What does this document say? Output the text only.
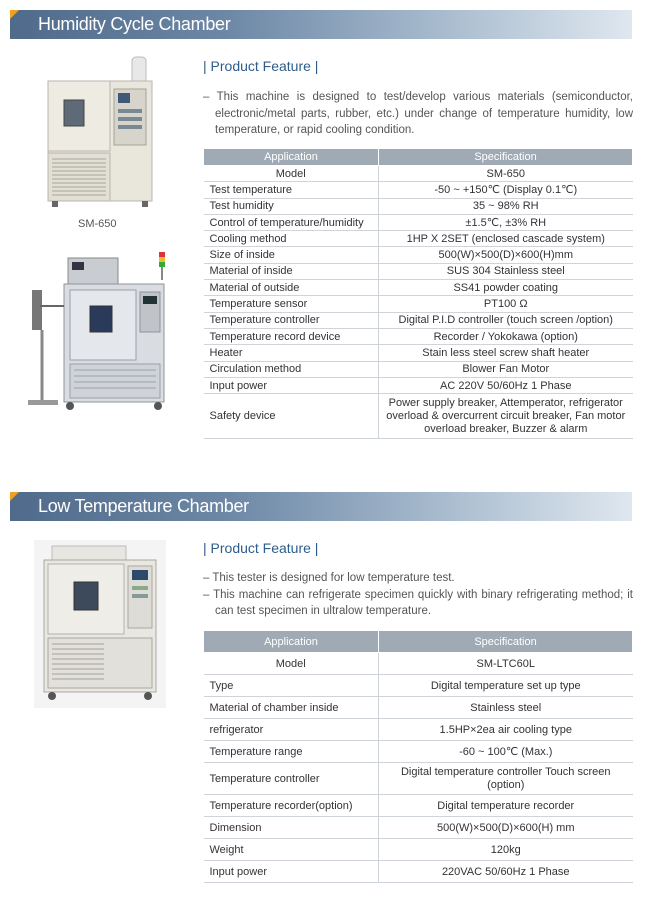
Humidity Cycle Chamber
SM-650
| Product Feature |

– This machine is designed to test/develop various materials (semiconductor, electronic/metal parts, rubber, etc.) under change of temperature humidity, low temperature, or rapid cooling condition.

Application	Specification
Model	SM-650
Test temperature	-50 ~ +150℃ (Display 0.1℃)
Test humidity	35 ~ 98% RH
Control of temperature/humidity	±1.5℃, ±3% RH
Cooling method	1HP X 2SET (enclosed cascade system)
Size of inside	500(W)×500(D)×600(H)mm
Material of inside	SUS 304 Stainless steel
Material of outside	SS41 powder coating
Temperature sensor	PT100 Ω
Temperature controller	Digital P.I.D controller (touch screen /option)
Temperature record device	Recorder / Yokokawa (option)
Heater	Stain less steel screw shaft heater
Circulation method	Blower Fan Motor
Input power	AC 220V 50/60Hz 1 Phase
Safety device	Power supply breaker, Attemperator, refrigerator overload & overcurrent circuit breaker, Fan motor overload breaker, Buzzer & alarm
Low Temperature Chamber
| Product Feature |

– This tester is designed for low temperature test.

– This machine can refrigerate specimen quickly with binary refrigerating method; it can test specimen in ultralow temperature.

Application	Specification
Model	SM-LTC60L
Type	Digital temperature set up type
Material of chamber inside	Stainless steel
refrigerator	1.5HP×2ea air cooling type
Temperature range	-60 ~ 100℃ (Max.)
Temperature controller	Digital temperature controller Touch screen (option)
Temperature recorder(option)	Digital temperature recorder
Dimension	500(W)×500(D)×600(H) mm
Weight	120kg
Input power	220VAC 50/60Hz 1 Phase
